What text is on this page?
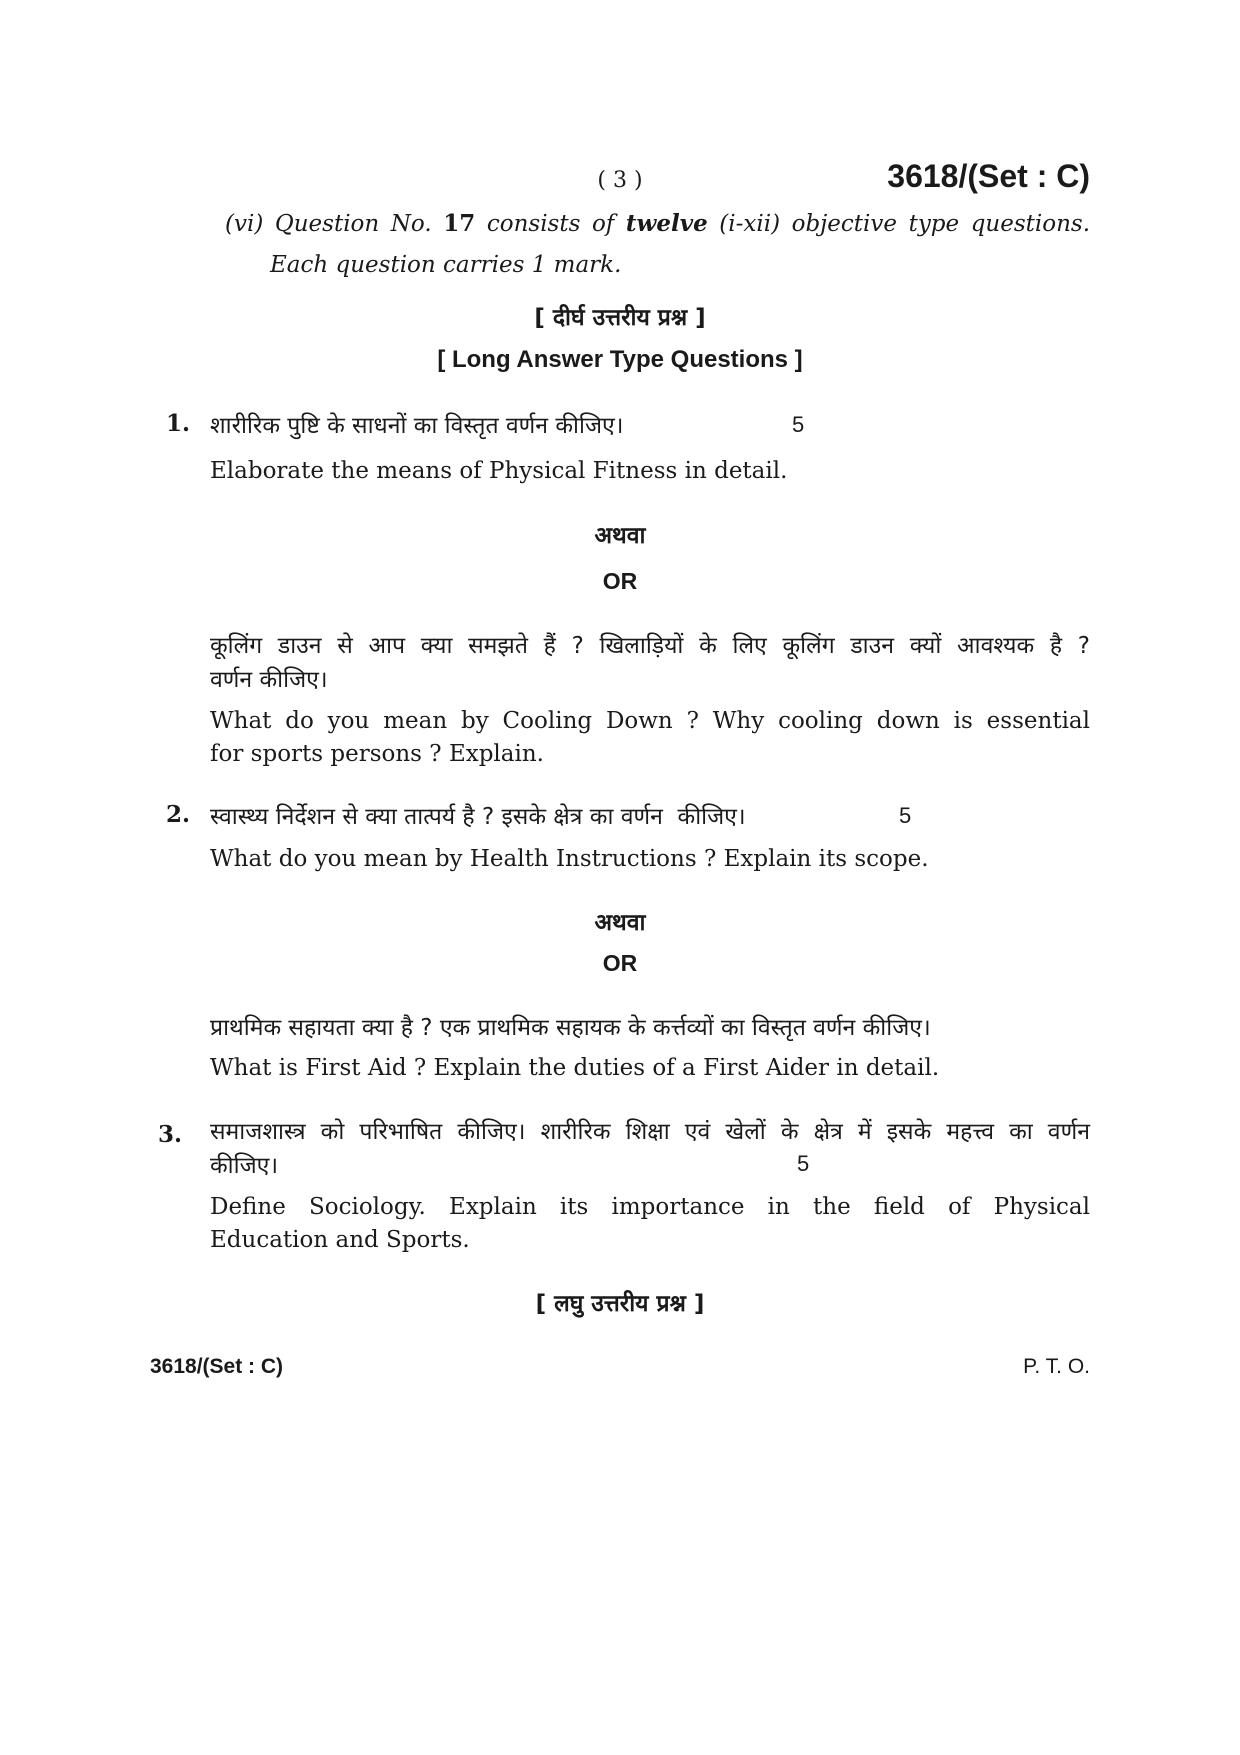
( 3 )	3618/(Set : C)
(vi) Question No. 17 consists of twelve (i-xii) objective type questions.
Each question carries 1 mark.
[ दीर्घ उत्तरीय प्रश्न ]
[ Long Answer Type Questions ]
1. शारीरिक पुष्टि के साधनों का विस्तृत वर्णन कीजिए।	5
Elaborate the means of Physical Fitness in detail.
अथवा
OR
कूलिंग डाउन से आप क्या समझते हैं ? खिलाड़ियों के लिए कूलिंग डाउन क्यों आवश्यक है ?
वर्णन कीजिए।
What do you mean by Cooling Down ? Why cooling down is essential
for sports persons ? Explain.
2. स्वास्थ्य निर्देशन से क्या तात्पर्य है ? इसके क्षेत्र का वर्णन  कीजिए।	5
What do you mean by Health Instructions ? Explain its scope.
अथवा
OR
प्राथमिक सहायता क्या है ? एक प्राथमिक सहायक के कर्त्तव्यों का विस्तृत वर्णन कीजिए।
What is First Aid ? Explain the duties of a First Aider in detail.
3. समाजशास्त्र को परिभाषित कीजिए। शारीरिक शिक्षा एवं खेलों के क्षेत्र में इसके महत्त्व का वर्णन
कीजिए।	5
Define Sociology. Explain its importance in the field of Physical
Education and Sports.
[ लघु उत्तरीय प्रश्न ]
3618/(Set : C)	P. T. O.
